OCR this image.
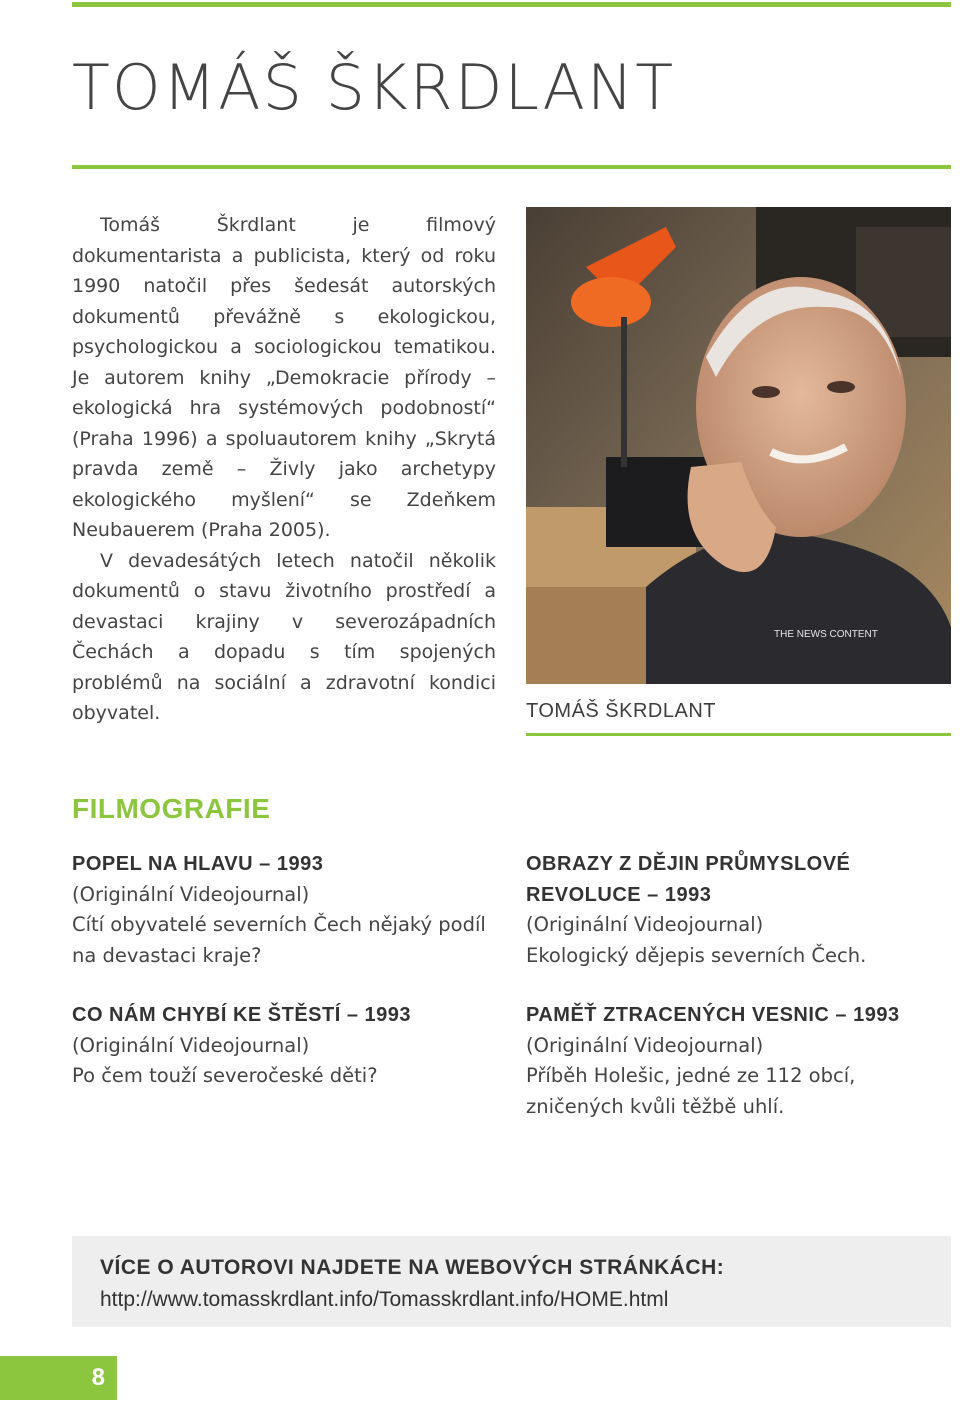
TOMÁŠ ŠKRDLANT

Tomáš Škrdlant je filmový dokumentarista a publicista, který od roku 1990 natočil přes šedesát autorských dokumentů převážně s ekologickou, psychologickou a sociologickou tematikou. Je autorem knihy „Demokracie přírody – ekologická hra systémových podobností“ (Praha 1996) a spoluautorem knihy „Skrytá pravda země – Živly jako archetypy ekologického myšlení“ se Zdeňkem Neubauerem (Praha 2005).

V devadesátých letech natočil několik dokumentů o stavu životního prostředí a devastaci krajiny v severozápadních Čechách a dopadu s tím spojených problémů na sociální a zdravotní kondici obyvatel.

THE NEWS CONTENT
TOMÁŠ ŠKRDLANT
FILMOGRAFIE
POPEL NA HLAVU – 1993
(Originální Videojournal)
Cítí obyvatelé severních Čech nějaký podíl na devastaci kraje?
OBRAZY Z DĚJIN PRŮMYSLOVÉ REVOLUCE – 1993
(Originální Videojournal)
Ekologický dějepis severních Čech.
CO NÁM CHYBÍ KE ŠTĚSTÍ – 1993
(Originální Videojournal)
Po čem touží severočeské děti?
PAMĚŤ ZTRACENÝCH VESNIC – 1993
(Originální Videojournal)
Příběh Holešic, jedné ze 112 obcí, zničených kvůli těžbě uhlí.
VÍCE O AUTOROVI NAJDETE NA WEBOVÝCH STRÁNKÁCH:
http://www.tomasskrdlant.info/Tomasskrdlant.info/HOME.html
8
